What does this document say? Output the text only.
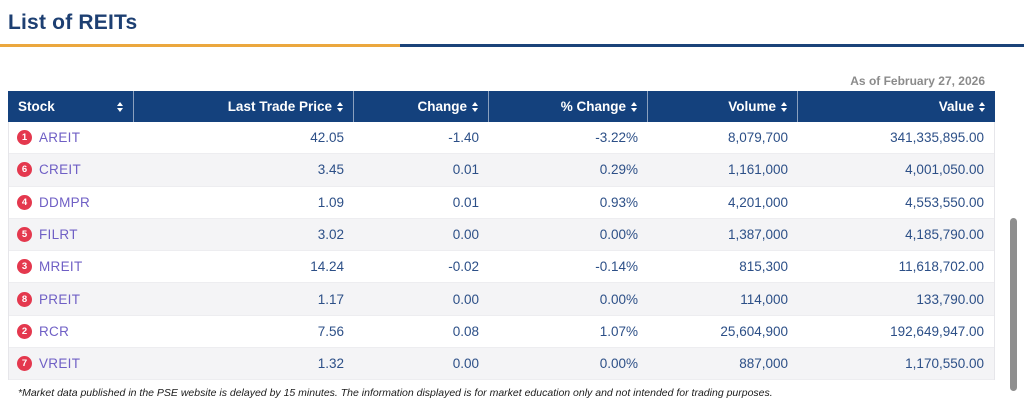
List of REITs
As of February 27, 2026
Stock	Last Trade Price	Change	% Change	Volume	Value
1 AREIT	42.05	-1.40	-3.22%	8,079,700	341,335,895.00
6 CREIT	3.45	0.01	0.29%	1,161,000	4,001,050.00
4 DDMPR	1.09	0.01	0.93%	4,201,000	4,553,550.00
5 FILRT	3.02	0.00	0.00%	1,387,000	4,185,790.00
3 MREIT	14.24	-0.02	-0.14%	815,300	11,618,702.00
8 PREIT	1.17	0.00	0.00%	114,000	133,790.00
2 RCR	7.56	0.08	1.07%	25,604,900	192,649,947.00
7 VREIT	1.32	0.00	0.00%	887,000	1,170,550.00
*Market data published in the PSE website is delayed by 15 minutes. The information displayed is for market education only and not intended for trading purposes.
